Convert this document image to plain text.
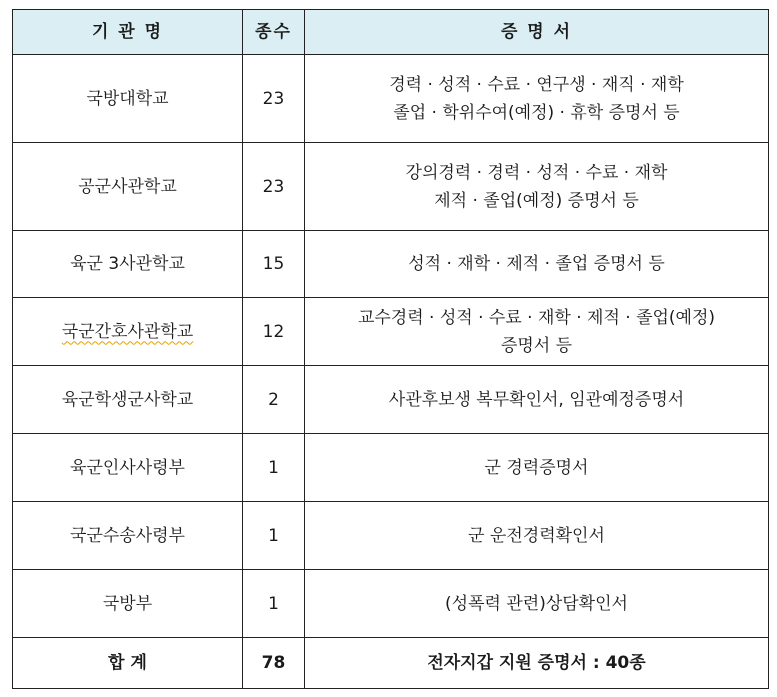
기 관 명	종수	증 명 서
국방대학교	23	경력 · 성적 · 수료 · 연구생 · 재직 · 재학
졸업 · 학위수여(예정) · 휴학 증명서 등

공군사관학교	23	강의경력 · 경력 · 성적 · 수료 · 재학
제적 · 졸업(예정) 증명서 등

육군 3사관학교	15	성적 · 재학 · 제적 · 졸업 증명서 등

국군간호사관학교	12	교수경력 · 성적 · 수료 · 재학 · 제적 · 졸업(예정)
증명서 등

육군학생군사학교	2	사관후보생 복무확인서, 임관예정증명서

육군인사사령부	1	군 경력증명서

국군수송사령부	1	군 운전경력확인서

국방부	1	(성폭력 관련)상담확인서

합 계	78	전자지갑 지원 증명서 : 40종
